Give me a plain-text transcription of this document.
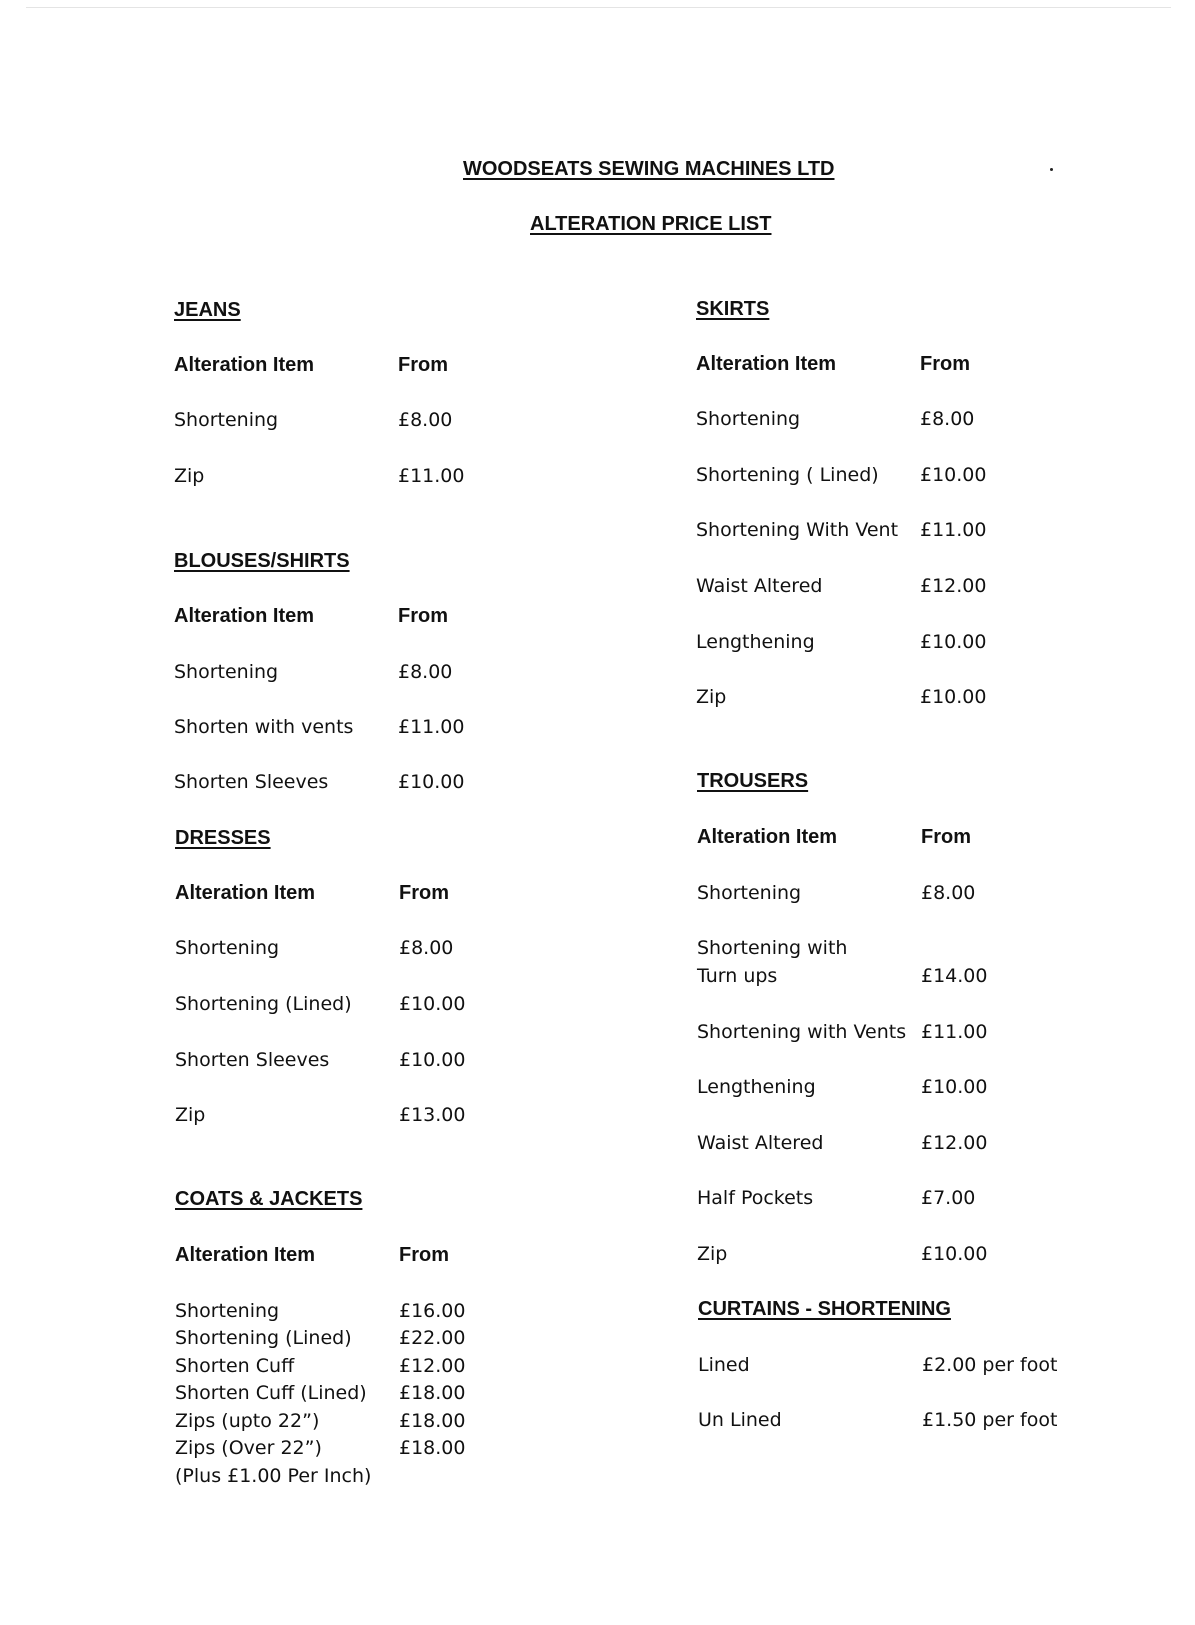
WOODSEATS SEWING MACHINES LTD
ALTERATION PRICE LIST
JEANS
Alteration Item	From
Shortening	£8.00
Zip	£11.00
BLOUSES/SHIRTS
Alteration Item	From
Shortening	£8.00
Shorten with vents £11.00
Shorten Sleeves	£10.00
DRESSES
Alteration Item	From
Shortening	£8.00
Shortening (Lined) £10.00
Shorten Sleeves	£10.00
Zip	£13.00
COATS & JACKETS
Alteration Item	From
Shortening	£16.00
Shortening (Lined) £22.00
Shorten Cuff	£12.00
Shorten Cuff (Lined) £18.00
Zips (upto 22”)	£18.00
Zips (Over 22”)	£18.00
(Plus £1.00 Per Inch)
SKIRTS
Alteration Item	From
Shortening	£8.00
Shortening ( Lined) £10.00
Shortening With Vent £11.00
Waist Altered	£12.00
Lengthening	£10.00
Zip	£10.00
TROUSERS
Alteration Item	From
Shortening	£8.00
Shortening with
Turn ups	£14.00
Shortening with Vents £11.00
Lengthening	£10.00
Waist Altered	£12.00
Half Pockets	£7.00
Zip	£10.00
CURTAINS - SHORTENING
Lined	£2.00 per foot
Un Lined	£1.50 per foot
